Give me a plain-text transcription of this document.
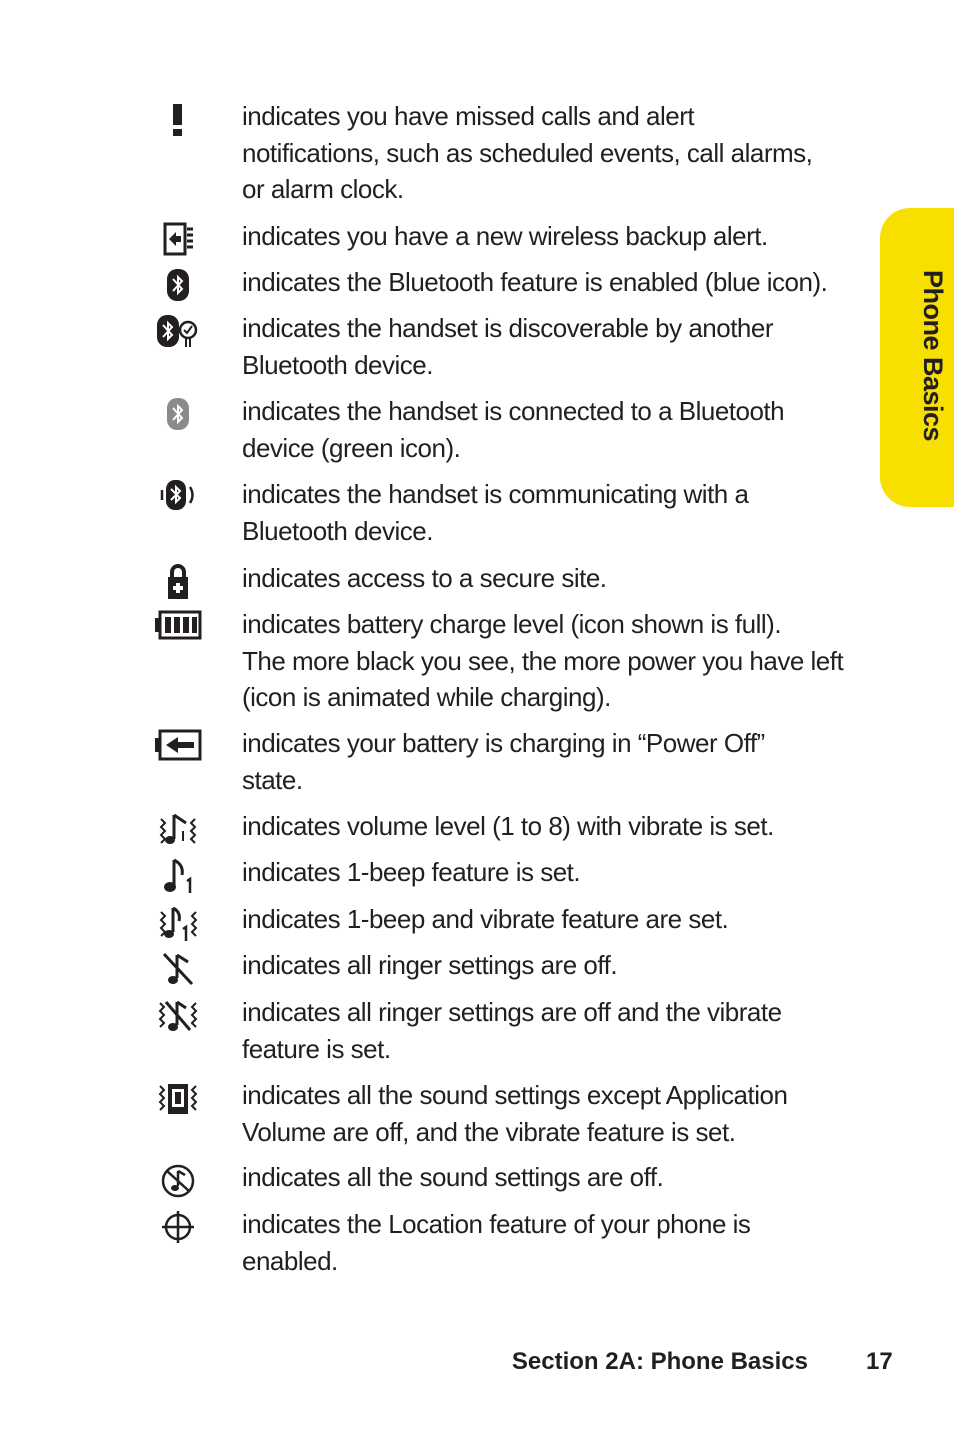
Phone Basics
indicates you have missed calls and alert
notifications, such as scheduled events, call alarms,
or alarm clock.
indicates you have a new wireless backup alert.
indicates the Bluetooth feature is enabled (blue icon).
indicates the handset is discoverable by another
Bluetooth device.
indicates the handset is connected to a Bluetooth
device (green icon).
indicates the handset is communicating with a
Bluetooth device.
indicates access to a secure site.
indicates battery charge level (icon shown is full).
The more black you see, the more power you have left
(icon is animated while charging).
indicates your battery is charging in “Power Off”
state.
indicates volume level (1 to 8) with vibrate is set.
indicates 1-beep feature is set.
indicates 1-beep and vibrate feature are set.
indicates all ringer settings are off.
indicates all ringer settings are off and the vibrate
feature is set.
indicates all the sound settings except Application
Volume are off, and the vibrate feature is set.
indicates all the sound settings are off.
indicates the Location feature of your phone is
enabled.
Section 2A: Phone Basics 17
